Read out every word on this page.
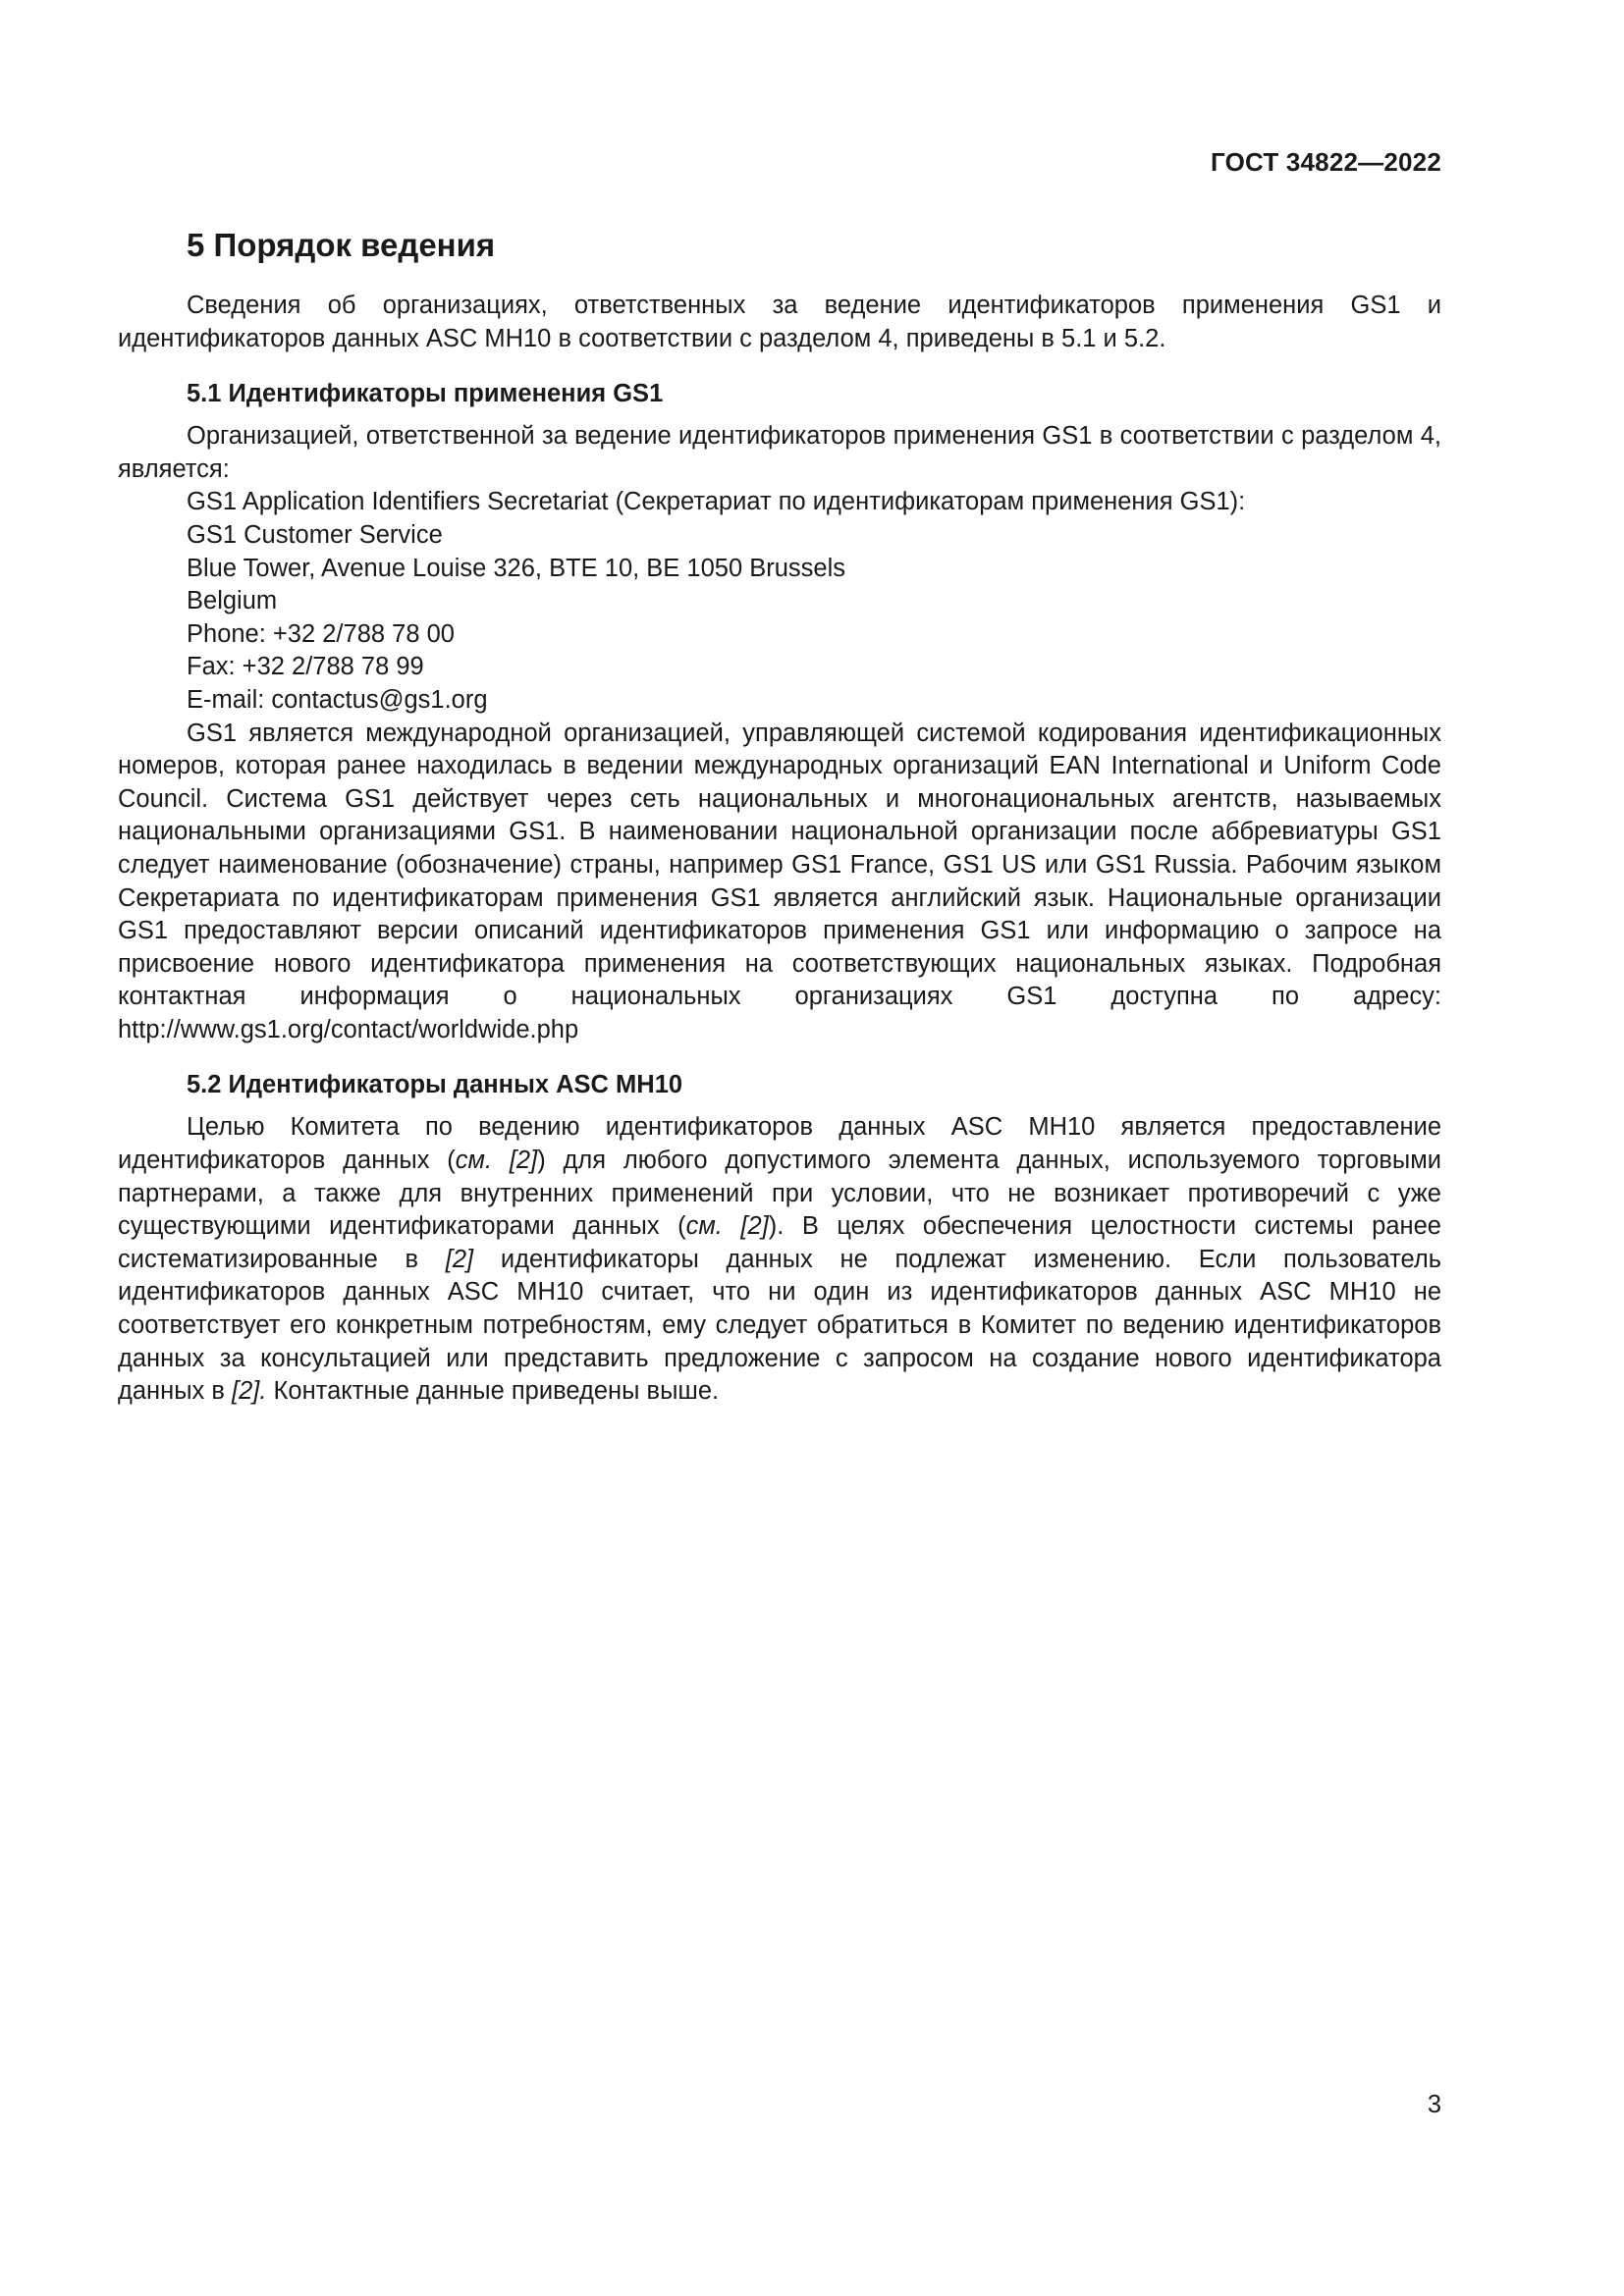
ГОСТ 34822—2022
5 Порядок ведения

Сведения об организациях, ответственных за ведение идентификаторов применения GS1 и идентификаторов данных ASC MH10 в соответствии с разделом 4, приведены в 5.1 и 5.2.

5.1 Идентификаторы применения GS1

Организацией, ответственной за ведение идентификаторов применения GS1 в соответствии с разделом 4, является:

GS1 Application Identifiers Secretariat (Секретариат по идентификаторам применения GS1):
GS1 Customer Service
Blue Tower, Avenue Louise 326, BTE 10, BE 1050 Brussels
Belgium
Phone: +32 2/788 78 00
Fax: +32 2/788 78 99
E-mail: contactus@gs1.org

GS1 является международной организацией, управляющей системой кодирования идентификационных номеров, которая ранее находилась в ведении международных организаций EAN International и Uniform Code Council. Система GS1 действует через сеть национальных и многонациональных агентств, называемых национальными организациями GS1. В наименовании национальной организации после аббревиатуры GS1 следует наименование (обозначение) страны, например GS1 France, GS1 US или GS1 Russia. Рабочим языком Секретариата по идентификаторам применения GS1 является английский язык. Национальные организации GS1 предоставляют версии описаний идентификаторов применения GS1 или информацию о запросе на присвоение нового идентификатора применения на соответствующих национальных языках. Подробная контактная информация о национальных организациях GS1 доступна по адресу: http://www.gs1.org/contact/worldwide.php

5.2 Идентификаторы данных ASC MH10

Целью Комитета по ведению идентификаторов данных ASC MH10 является предоставление идентификаторов данных (см. [2]) для любого допустимого элемента данных, используемого торговыми партнерами, а также для внутренних применений при условии, что не возникает противоречий с уже существующими идентификаторами данных (см. [2]). В целях обеспечения целостности системы ранее систематизированные в [2] идентификаторы данных не подлежат изменению. Если пользователь идентификаторов данных ASC MH10 считает, что ни один из идентификаторов данных ASC MH10 не соответствует его конкретным потребностям, ему следует обратиться в Комитет по ведению идентификаторов данных за консультацией или представить предложение с запросом на создание нового идентификатора данных в [2]. Контактные данные приведены выше.

3
